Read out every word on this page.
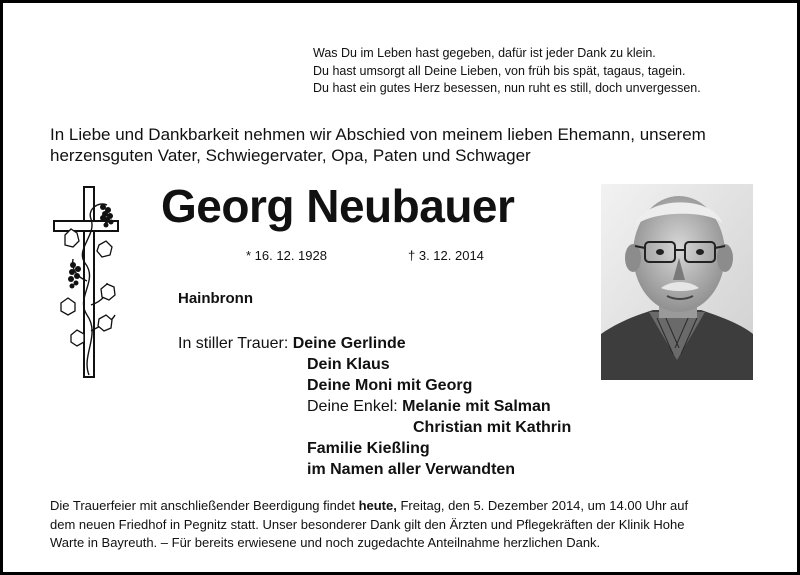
Was Du im Leben hast gegeben, dafür ist jeder Dank zu klein.
Du hast umsorgt all Deine Lieben, von früh bis spät, tagaus, tagein.
Du hast ein gutes Herz besessen, nun ruht es still, doch unvergessen.
In Liebe und Dankbarkeit nehmen wir Abschied von meinem lieben Ehemann, unserem
herzensguten Vater, Schwiegervater, Opa, Paten und Schwager
Georg Neubauer
* 16. 12. 1928	† 3. 12. 2014
Hainbronn
In stiller Trauer: Deine Gerlinde
Dein Klaus
Deine Moni mit Georg
Deine Enkel: Melanie mit Salman
Christian mit Kathrin
Familie Kießling
im Namen aller Verwandten
Die Trauerfeier mit anschließender Beerdigung findet heute, Freitag, den 5. Dezember 2014, um 14.00 Uhr auf
dem neuen Friedhof in Pegnitz statt. Unser besonderer Dank gilt den Ärzten und Pflegekräften der Klinik Hohe
Warte in Bayreuth. – Für bereits erwiesene und noch zugedachte Anteilnahme herzlichen Dank.
